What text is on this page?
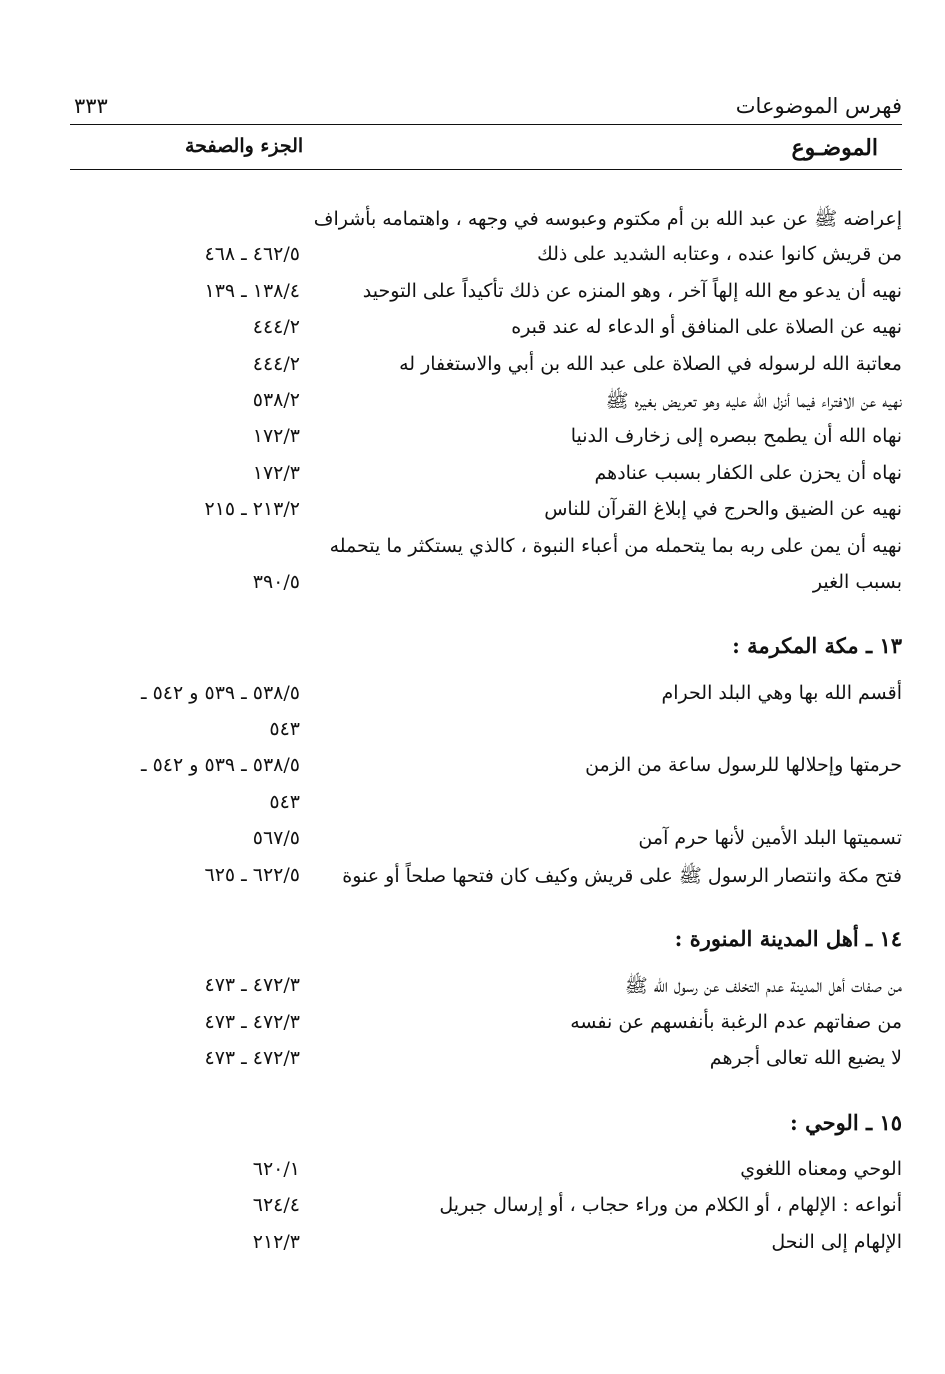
فهرس الموضوعات
٣٣٣
الموضـوع
الجزء والصفحة
إعراضه ﷺ عن عبد الله بن أم مكتوم وعبوسه في وجهه ، واهتمامه بأشراف
من قريش كانوا عنده ، وعتابه الشديد على ذلك
٤٦٢/٥ ـ ٤٦٨
نهيه أن يدعو مع الله إلهاً آخر ، وهو المنزه عن ذلك تأكيداً على التوحيد
١٣٨/٤ ـ ١٣٩
نهيه عن الصلاة على المنافق أو الدعاء له عند قبره
٤٤٤/٢
معاتبة الله لرسوله في الصلاة على عبد الله بن أبي والاستغفار له
٤٤٤/٢
نهيه عن الافتراء فيما أنزل الله عليه وهو تعريض بغيره ﷺ
٥٣٨/٢
نهاه الله أن يطمح ببصره إلى زخارف الدنيا
١٧٢/٣
نهاه أن يحزن على الكفار بسبب عنادهم
١٧٢/٣
نهيه عن الضيق والحرج في إبلاغ القرآن للناس
٢١٣/٢ ـ ٢١٥
نهيه أن يمن على ربه بما يتحمله من أعباء النبوة ، كالذي يستكثر ما يتحمله
بسبب الغير
٣٩٠/٥
١٣ ـ مكة المكرمة :
أقسم الله بها وهي البلد الحرام
٥٣٨/٥ ـ ٥٣٩ و ٥٤٢ ـ
٥٤٣
حرمتها وإحلالها للرسول ساعة من الزمن
٥٣٨/٥ ـ ٥٣٩ و ٥٤٢ ـ
٥٤٣
تسميتها البلد الأمين لأنها حرم آمن
٥٦٧/٥
فتح مكة وانتصار الرسول ﷺ على قريش وكيف كان فتحها صلحاً أو عنوة
٦٢٢/٥ ـ ٦٢٥
١٤ ـ أهل المدينة المنورة :
من صفات أهل المدينة عدم التخلف عن رسول الله ﷺ
٤٧٢/٣ ـ ٤٧٣
من صفاتهم عدم الرغبة بأنفسهم عن نفسه
٤٧٢/٣ ـ ٤٧٣
لا يضيع الله تعالى أجرهم
٤٧٢/٣ ـ ٤٧٣
١٥ ـ الوحي :
الوحي ومعناه اللغوي
٦٢٠/١
أنواعه : الإلهام ، أو الكلام من وراء حجاب ، أو إرسال جبريل
٦٢٤/٤
الإلهام إلى النحل
٢١٢/٣
